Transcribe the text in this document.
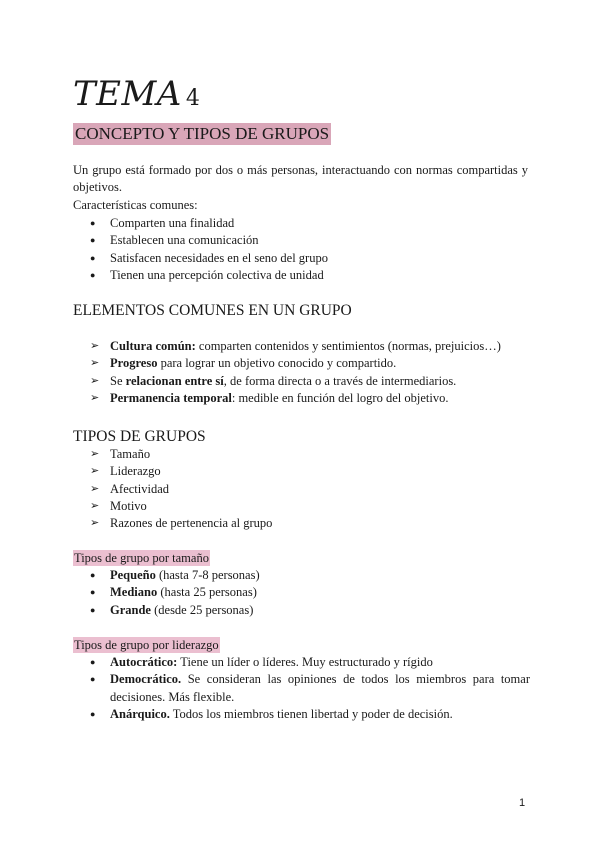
TEMA 4
CONCEPTO Y TIPOS DE GRUPOS
Un grupo está formado por dos o más personas, interactuando con normas compartidas y objetivos.
Características comunes:
● Comparten una finalidad
● Establecen una comunicación
● Satisfacen necesidades en el seno del grupo
● Tienen una percepción colectiva de unidad
ELEMENTOS COMUNES EN UN GRUPO
➢ Cultura común: comparten contenidos y sentimientos (normas, prejuicios…)
➢ Progreso para lograr un objetivo conocido y compartido.
➢ Se relacionan entre sí, de forma directa o a través de intermediarios.
➢ Permanencia temporal: medible en función del logro del objetivo.
TIPOS DE GRUPOS
➢ Tamaño
➢ Liderazgo
➢ Afectividad
➢ Motivo
➢ Razones de pertenencia al grupo
Tipos de grupo por tamaño
● Pequeño (hasta 7-8 personas)
● Mediano (hasta 25 personas)
● Grande (desde 25 personas)
Tipos de grupo por liderazgo
● Autocrático: Tiene un líder o líderes. Muy estructurado y rígido
● Democrático. Se consideran las opiniones de todos los miembros para tomar decisiones. Más flexible.
● Anárquico. Todos los miembros tienen libertad y poder de decisión.
1
